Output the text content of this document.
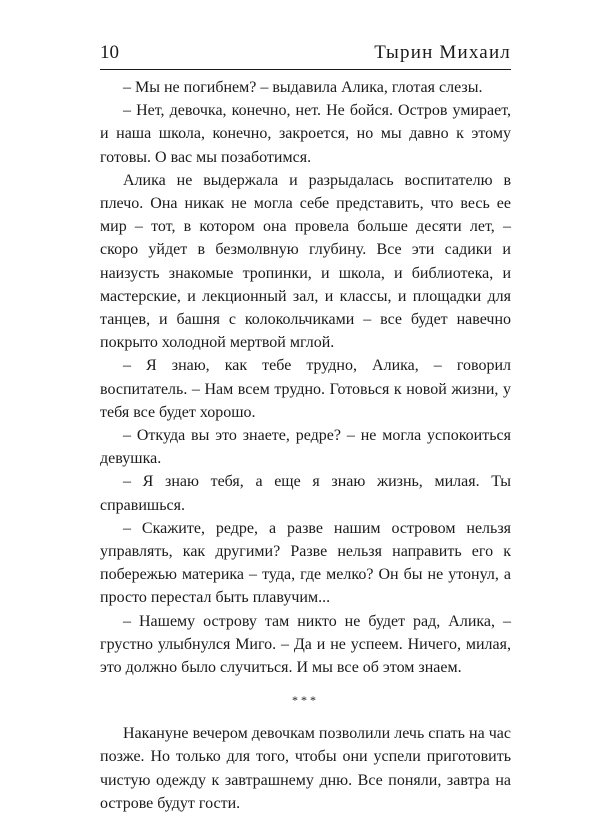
10	Тырин Михаил

– Мы не погибнем? – выдавила Алика, глотая слезы.

– Нет, девочка, конечно, нет. Не бойся. Остров умирает, и наша школа, конечно, закроется, но мы давно к этому готовы. О вас мы позаботимся.

Алика не выдержала и разрыдалась воспитателю в плечо. Она никак не могла себе представить, что весь ее мир – тот, в котором она провела больше десяти лет, – скоро уйдет в безмолвную глубину. Все эти садики и наизусть знакомые тропинки, и школа, и библиотека, и мастерские, и лекционный зал, и классы, и площадки для танцев, и башня с колокольчиками – все будет навечно покрыто холодной мертвой мглой.

– Я знаю, как тебе трудно, Алика, – говорил воспитатель. – Нам всем трудно. Готовься к новой жизни, у тебя все будет хорошо.

– Откуда вы это знаете, редре? – не могла успокоиться девушка.

– Я знаю тебя, а еще я знаю жизнь, милая. Ты справишься.

– Скажите, редре, а разве нашим островом нельзя управлять, как другими? Разве нельзя направить его к побережью материка – туда, где мелко? Он бы не утонул, а просто перестал быть плавучим...

– Нашему острову там никто не будет рад, Алика, – грустно улыбнулся Миго. – Да и не успеем. Ничего, милая, это должно было случиться. И мы все об этом знаем.

***

Накануне вечером девочкам позволили лечь спать на час позже. Но только для того, чтобы они успели приготовить чистую одежду к завтрашнему дню. Все поняли, завтра на острове будут гости.
